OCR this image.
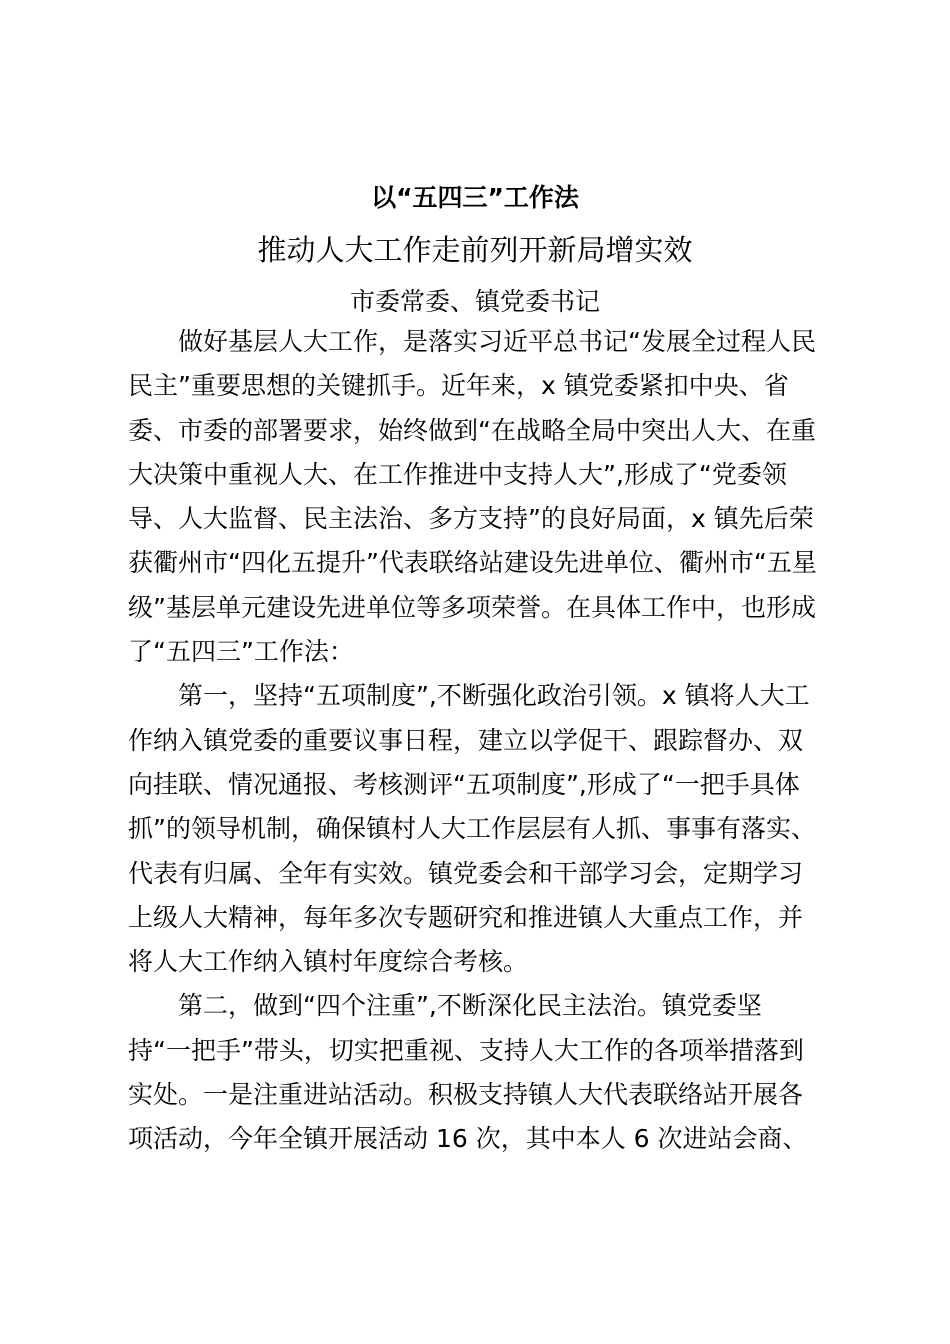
以“五四三”工作法
推动人大工作走前列开新局增实效
市委常委、镇党委书记
做好基层人大工作，是落实习近平总书记“发展全过程人民
民主”重要思想的关键抓手。近年来，x 镇党委紧扣中央、省
委、市委的部署要求，始终做到“在战略全局中突出人大、在重
大决策中重视人大、在工作推进中支持人大”,形成了“党委领
导、人大监督、民主法治、多方支持”的良好局面，x 镇先后荣
获衢州市“四化五提升”代表联络站建设先进单位、衢州市“五星
级”基层单元建设先进单位等多项荣誉。在具体工作中，也形成
了“五四三”工作法：
第一，坚持“五项制度”,不断强化政治引领。x 镇将人大工
作纳入镇党委的重要议事日程，建立以学促干、跟踪督办、双
向挂联、情况通报、考核测评“五项制度”,形成了“一把手具体
抓”的领导机制，确保镇村人大工作层层有人抓、事事有落实、
代表有归属、全年有实效。镇党委会和干部学习会，定期学习
上级人大精神，每年多次专题研究和推进镇人大重点工作，并
将人大工作纳入镇村年度综合考核。
第二，做到“四个注重”,不断深化民主法治。镇党委坚
持“一把手”带头，切实把重视、支持人大工作的各项举措落到
实处。一是注重进站活动。积极支持镇人大代表联络站开展各
项活动，今年全镇开展活动 16 次，其中本人 6 次进站会商、
